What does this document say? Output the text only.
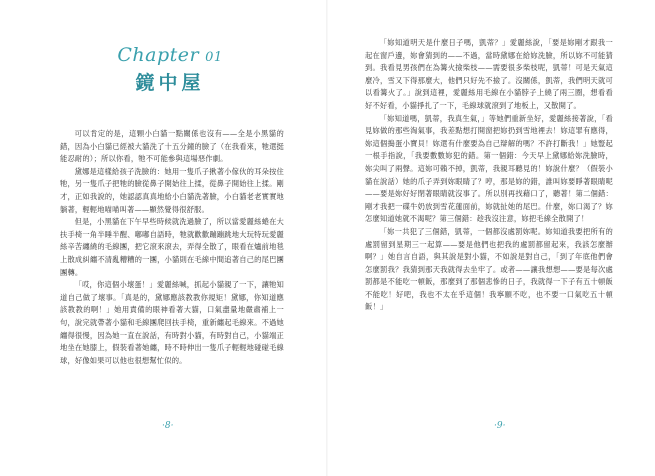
Chapter 01
鏡中屋

可以肯定的是，這顆小白貓一點關係也沒有——全是小黑貓的錯，因為小白貓已經被大貓洗了十五分鐘的臉了（在我看來，牠還挺能忍耐的）；所以你看，牠不可能參與這場惡作劇。

黛娜是這樣給孩子洗臉的：她用一隻爪子揪著小傢伙的耳朵按住牠，另一隻爪子把牠的臉從鼻子開始往上揉，從鼻子開始往上揉。剛才，正如我說的，她認認真真地給小白貓洗著臉，小白貓老老實實地躺著，輕輕地喵喵叫著——顯然覺得很舒服。

但是，小黑貓在下午早些時候就洗過臉了，所以當愛麗絲蜷在大扶手椅一角半睡半醒、嘟嘟自語時，牠就歡歡蹦蹦跳地大玩特玩愛麗絲辛苦纏繞的毛線團，把它滾來滾去，弄得全散了，眼看在爐前地毯上散成糾纏不清亂糟糟的一團，小貓則在毛線中間追著自己的尾巴團團轉。

「哎，你這個小壞蛋！」愛麗絲喊，抓起小貓親了一下，讓牠知道自己做了壞事。「真是的，黛娜應該教教你規矩！黛娜，你知道應該教教的啊！」她用責備的眼神看著大貓，口氣盡量地嚴肅補上一句，說完就帶著小貓和毛線團爬回扶手椅，重新纏起毛線來。不過她纏得很慢，因為她一直在說話，有時對小貓，有時對自己，小貓端正地坐在她膝上，假裝看著她纏，時不時伸出一隻爪子輕輕地碰碰毛線球，好像如果可以他也很想幫忙似的。

·8·

「妳知道明天是什麼日子嗎，凱蒂？」愛麗絲說，「要是妳剛才跟我一起在窗戶邊，妳會猜到的——不過，當時黛娜在給妳洗臉，所以妳不可能猜到。我看見男孩們在為篝火撿柴枝——需要很多柴枝呢，凱蒂！可是天氣這麼冷，雪又下得那麼大，他們只好先不撿了。沒關係，凱蒂，我們明天就可以看篝火了。」說到這裡，愛麗絲用毛線在小貓脖子上繞了兩三圈，想看看好不好看，小貓掙扎了一下，毛線球就滾到了地板上，又散開了。

「妳知道嗎，凱蒂，我真生氣，」等她們重新坐好，愛麗絲接著說，「看見妳做的那些淘氣事，我差點想打開窗把妳扔到雪地裡去！妳這罪有應得，妳這個搗蛋小寶貝！妳還有什麼要為自己辯解的嗎？不許打斷我！」她豎起一根手指說，「我要數數妳犯的錯。第一個錯：今天早上黛娜給妳洗臉時，妳尖叫了兩聲。這妳可賴不掉，凱蒂，我親耳聽見的！妳說什麼？（假裝小貓在說話）她的爪子弄到妳眼睛了？哼，那是妳的錯，誰叫妳要睜著眼睛呢——要是妳好好閉著眼睛就沒事了。所以別再找藉口了，聽著！第二個錯：剛才我把一碟牛奶放到雪花蓮面前，妳就扯她的尾巴。什麼，妳口渴了？妳怎麼知道她就不渴呢？第三個錯：趁我沒注意，妳把毛線全散開了！

「妳一共犯了三個錯，凱蒂，一個都沒處罰妳呢。妳知道我要把所有的處罰留到星期三一起算——要是他們也把我的處罰都留起來，我該怎麼辦啊？」她自言自語，與其說是對小貓，不如說是對自己，「到了年底他們會怎麼罰我？我猜到那天我就得去坐牢了。或者——讓我想想——要是每次處罰都是不能吃一頓飯，那麼到了那個悲慘的日子，我就得一下子有五十頓飯不能吃！好吧，我也不太在乎這個！我寧願不吃，也不要一口氣吃五十頓飯！」

·9·
